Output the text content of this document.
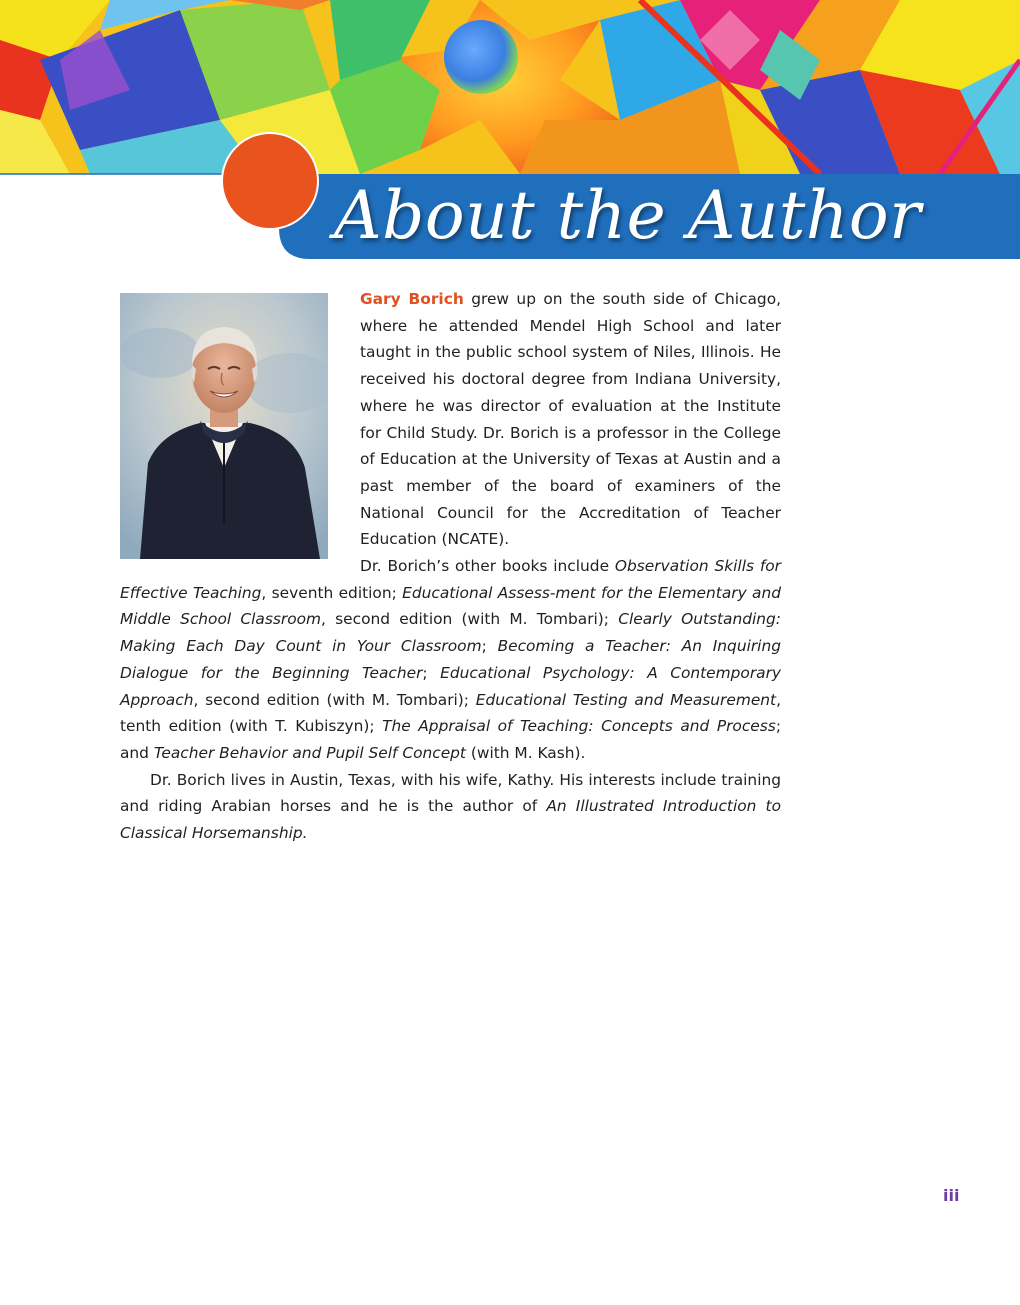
About the Author

Gary Borich grew up on the south side of Chicago, where he attended Mendel High School and later taught in the public school system of Niles, Illinois. He received his doctoral degree from Indiana University, where he was director of evaluation at the Institute for Child Study. Dr. Borich is a professor in the College of Education at the University of Texas at Austin and a past member of the board of examiners of the National Council for the Accreditation of Teacher Education (NCATE).

Dr. Borich’s other books include Observation Skills for Effective Teaching, seventh edition; Educational Assess-ment for the Elementary and Middle School Classroom, second edition (with M. Tombari); Clearly Outstanding: Making Each Day Count in Your Classroom; Becoming a Teacher: An Inquiring Dialogue for the Beginning Teacher; Educational Psychology: A Contemporary Approach, second edition (with M. Tombari); Educational Testing and Measurement, tenth edition (with T. Kubiszyn); The Appraisal of Teaching: Concepts and Process; and Teacher Behavior and Pupil Self Concept (with M. Kash).

Dr. Borich lives in Austin, Texas, with his wife, Kathy. His interests include training and riding Arabian horses and he is the author of An Illustrated Introduction to Classical Horsemanship.

iii
